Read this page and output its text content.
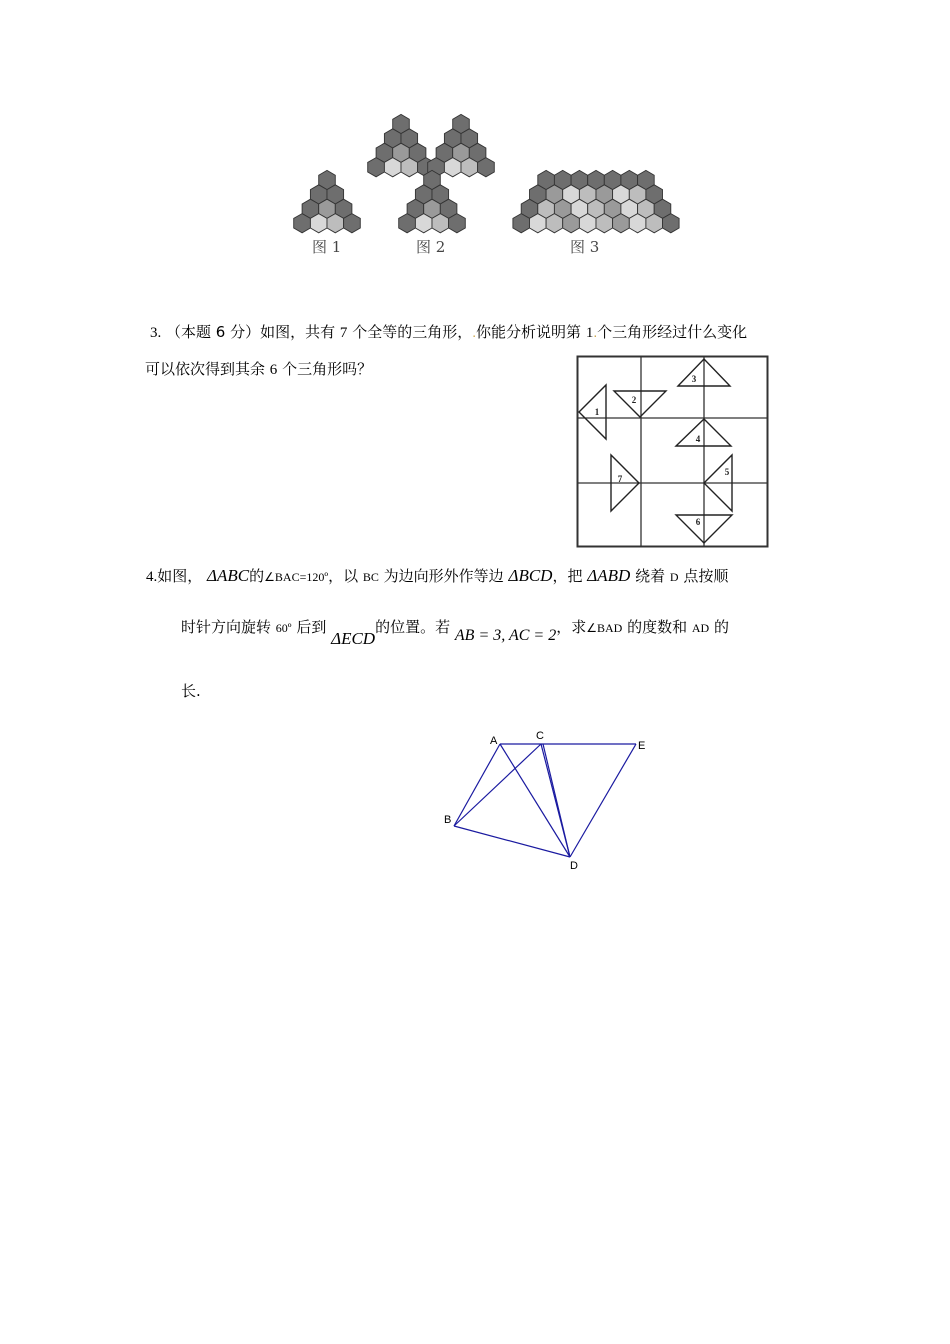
图 1	图 2	图 3
3. （本题 6 分）如图，共有 7 个全等的三角形，.你能分析说明第 1.个三角形经过什么变化
可以依次得到其余 6 个三角形吗？
1
2
3
4
5
6
7
4.如图， ΔABC的∠BAC=120º，以 BC 为边向形外作等边 ΔBCD，把 ΔABD 绕着 D 点按顺
时针方向旋转 60º 后到 ΔECD的位置。若 AB = 3, AC = 2，求∠BAD 的度数和 AD 的
长.
A	C
E
B
D
